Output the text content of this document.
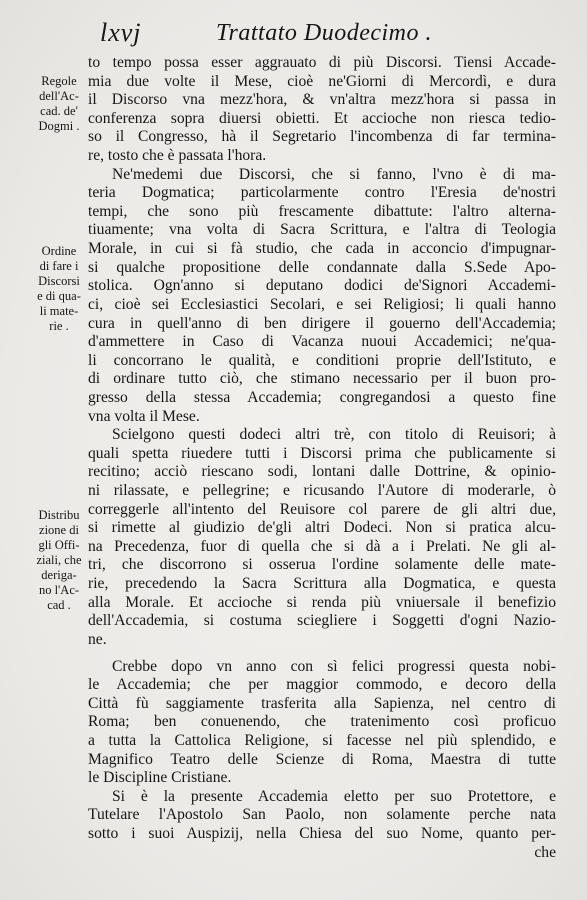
lxvj	Trattato Duodecimo .
Regole
dell'Ac-
cad. de'
Dogmi .
Ordine
di fare i
Discorsi
e di qua-
li mate-
rie .
Distribu
zione di
gli Offi-
ziali, che
deriga-
no l'Ac-
cad .
to tempo possa esser aggrauato di più Discorsi. Tiensi Accade-
mia due volte il Mese, cioè ne'Giorni di Mercordì, e dura
il Discorso vna mezz'hora, & vn'altra mezz'hora si passa in
conferenza sopra diuersi obietti. Et accioche non riesca tedio-
so il Congresso, hà il Segretario l'incombenza di far termina-
re, tosto che è passata l'hora.
Ne'medemi due Discorsi, che si fanno, l'vno è di ma-
teria Dogmatica; particolarmente contro l'Eresia de'nostri
tempi, che sono più frescamente dibattute: l'altro alterna-
tiuamente; vna volta di Sacra Scrittura, e l'altra di Teologia
Morale, in cui si fà studio, che cada in acconcio d'impugnar-
si qualche propositione delle condannate dalla S.Sede Apo-
stolica. Ogn'anno si deputano dodici de'Signori Accademi-
ci, cioè sei Ecclesiastici Secolari, e sei Religiosi; li quali hanno
cura in quell'anno di ben dirigere il gouerno dell'Accademia;
d'ammettere in Caso di Vacanza nuoui Accademici; ne'qua-
li concorrano le qualità, e conditioni proprie dell'Istituto, e
di ordinare tutto ciò, che stimano necessario per il buon pro-
gresso della stessa Accademia; congregandosi a questo fine
vna volta il Mese.
Scielgono questi dodeci altri trè, con titolo di Reuisori; à
quali spetta riuedere tutti i Discorsi prima che publicamente si
recitino; acciò riescano sodi, lontani dalle Dottrine, & opinio-
ni rilassate, e pellegrine; e ricusando l'Autore di moderarle, ò
correggerle all'intento del Reuisore col parere de gli altri due,
si rimette al giudizio de'gli altri Dodeci. Non si pratica alcu-
na Precedenza, fuor di quella che si dà a i Prelati. Ne gli al-
tri, che discorrono si osserua l'ordine solamente delle mate-
rie, precedendo la Sacra Scrittura alla Dogmatica, e questa
alla Morale. Et accioche si renda più vniuersale il benefizio
dell'Accademia, si costuma scieglierе i Soggetti d'ogni Nazio-
ne.
Crebbe dopo vn anno con sì felici progressi questa nobi-
le Accademia; che per maggior commodo, e decoro della
Città fù saggiamente trasferita alla Sapienza, nel centro di
Roma; ben conuenendo, che tratenimento così proficuo
a tutta la Cattolica Religione, si facesse nel più splendido, e
Magnifico Teatro delle Scienze di Roma, Maestra di tutte
le Discipline Cristiane.
Si è la presente Accademia eletto per suo Protettore, e
Tutelare l'Apostolo San Paolo, non solamente perche nata
sotto i suoi Auspizij, nella Chiesa del suo Nome, quanto per-
che
